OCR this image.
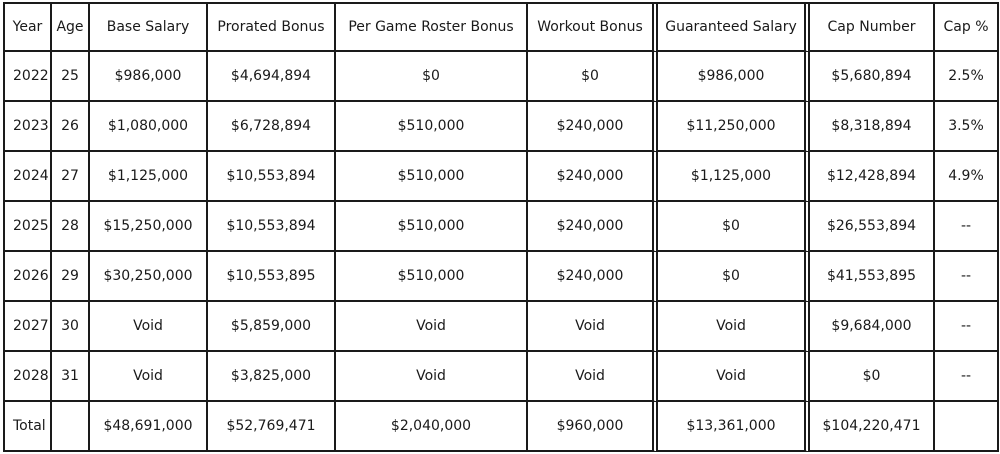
Year	Age	Base Salary	Prorated Bonus	Per Game Roster Bonus	Workout Bonus	Guaranteed Salary	Cap Number	Cap %
2022	25	$986,000	$4,694,894	$0	$0	$986,000	$5,680,894	2.5%
2023	26	$1,080,000	$6,728,894	$510,000	$240,000	$11,250,000	$8,318,894	3.5%
2024	27	$1,125,000	$10,553,894	$510,000	$240,000	$1,125,000	$12,428,894	4.9%
2025	28	$15,250,000	$10,553,894	$510,000	$240,000	$0	$26,553,894	--
2026	29	$30,250,000	$10,553,895	$510,000	$240,000	$0	$41,553,895	--
2027	30	Void	$5,859,000	Void	Void	Void	$9,684,000	--
2028	31	Void	$3,825,000	Void	Void	Void	$0	--
Total		$48,691,000	$52,769,471	$2,040,000	$960,000	$13,361,000	$104,220,471	
